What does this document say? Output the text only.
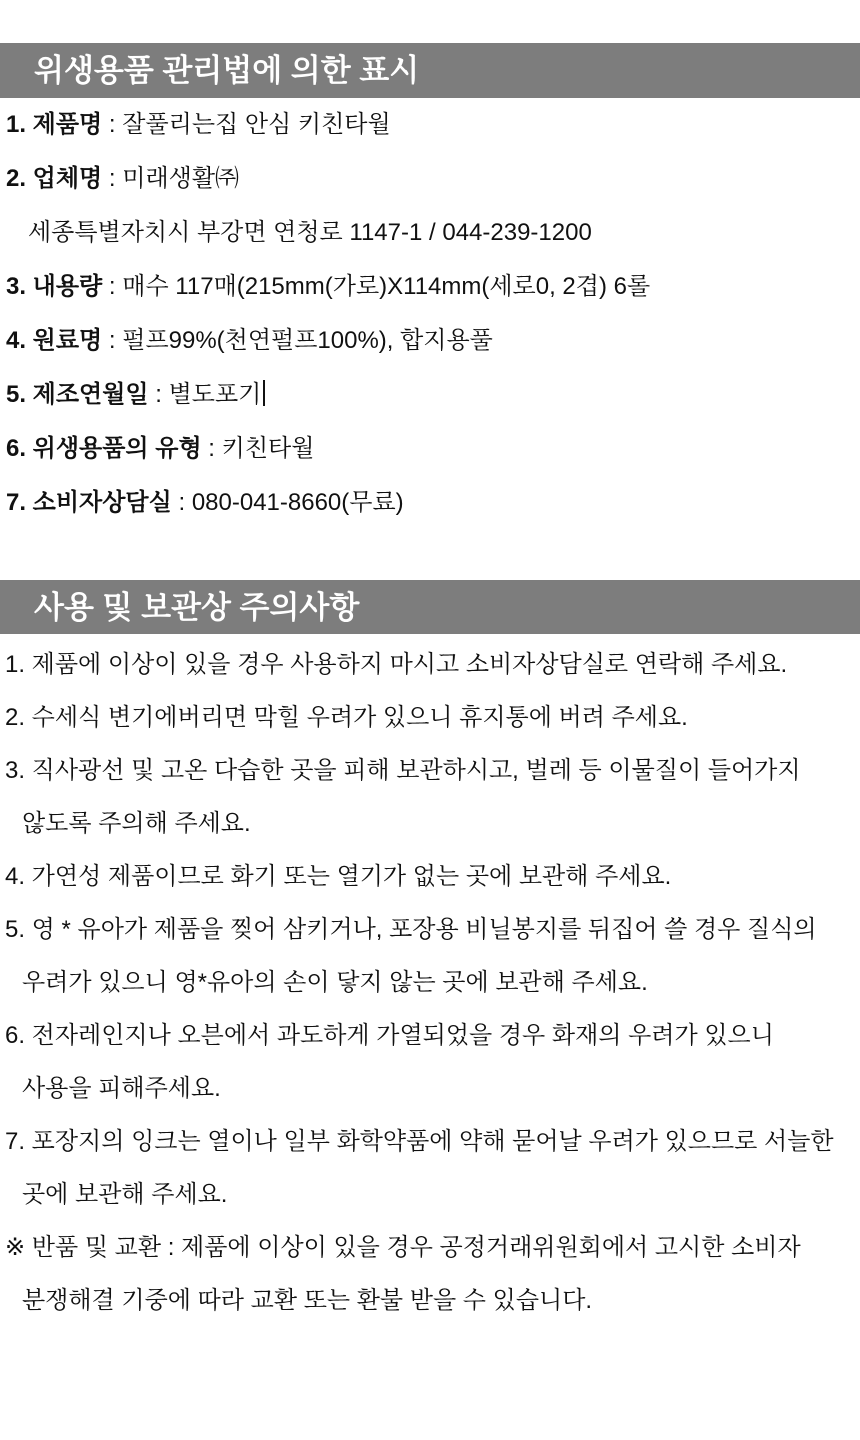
위생용품 관리법에 의한 표시
1. 제품명 : 잘풀리는집 안심 키친타월
2. 업체명 : 미래생활㈜
세종특별자치시 부강면 연청로 1147-1 / 044-239-1200
3. 내용량 : 매수 117매(215mm(가로)X114mm(세로0, 2겹) 6롤
4. 원료명 : 펄프99%(천연펄프100%), 합지용풀
5. 제조연월일 : 별도포기
6. 위생용품의 유형 : 키친타월
7. 소비자상담실 : 080-041-8660(무료)
사용 및 보관상 주의사항
1. 제품에 이상이 있을 경우 사용하지 마시고 소비자상담실로 연락해 주세요.
2. 수세식 변기에버리면 막힐 우려가 있으니 휴지통에 버려 주세요.
3. 직사광선 및 고온 다습한 곳을 피해 보관하시고, 벌레 등 이물질이 들어가지
않도록 주의해 주세요.
4. 가연성 제품이므로 화기 또는 열기가 없는 곳에 보관해 주세요.
5. 영 * 유아가 제품을 찢어 삼키거나, 포장용 비닐봉지를 뒤집어 쓸 경우 질식의
우려가 있으니 영*유아의 손이 닿지 않는 곳에 보관해 주세요.
6. 전자레인지나 오븐에서 과도하게 가열되었을 경우 화재의 우려가 있으니
사용을 피해주세요.
7. 포장지의 잉크는 열이나 일부 화학약품에 약해 묻어날 우려가 있으므로 서늘한
곳에 보관해 주세요.
※ 반품 및 교환 : 제품에 이상이 있을 경우 공정거래위원회에서 고시한 소비자
분쟁해결 기중에 따라 교환 또는 환불 받을 수 있습니다.
